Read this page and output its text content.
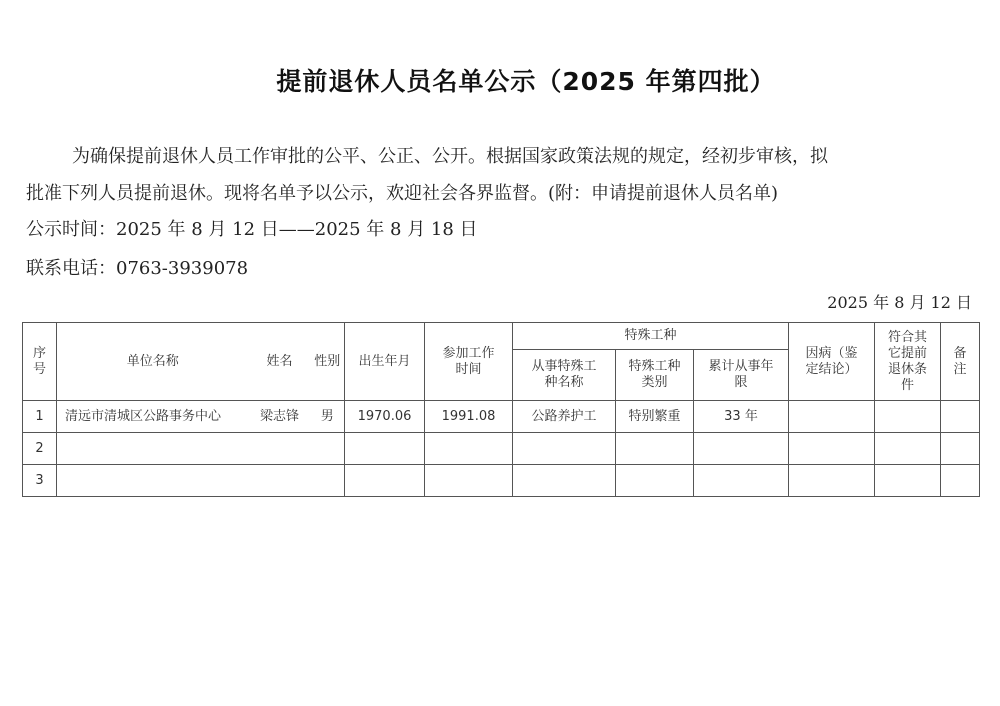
提前退休人员名单公示（2025 年第四批）
为确保提前退休人员工作审批的公平、公正、公开。根据国家政策法规的规定，经初步审核，拟
批准下列人员提前退休。现将名单予以公示，欢迎社会各界监督。(附：申请提前退休人员名单)
公示时间：2025 年 8 月 12 日——2025 年 8 月 18 日
联系电话：0763-3939078
2025 年 8 月 12 日
序号	单位名称	姓名	性别	出生年月	参加工作时间	特殊工种			因病（鉴定结论）	符合其它提前退休条件	备注

						从事特殊工种名称	特殊工种类别	累计从事年限			

1	清远市清城区公路事务中心	梁志锋	男	1970.06	1991.08	公路养护工	特别繁重	33 年			
2											
3											
